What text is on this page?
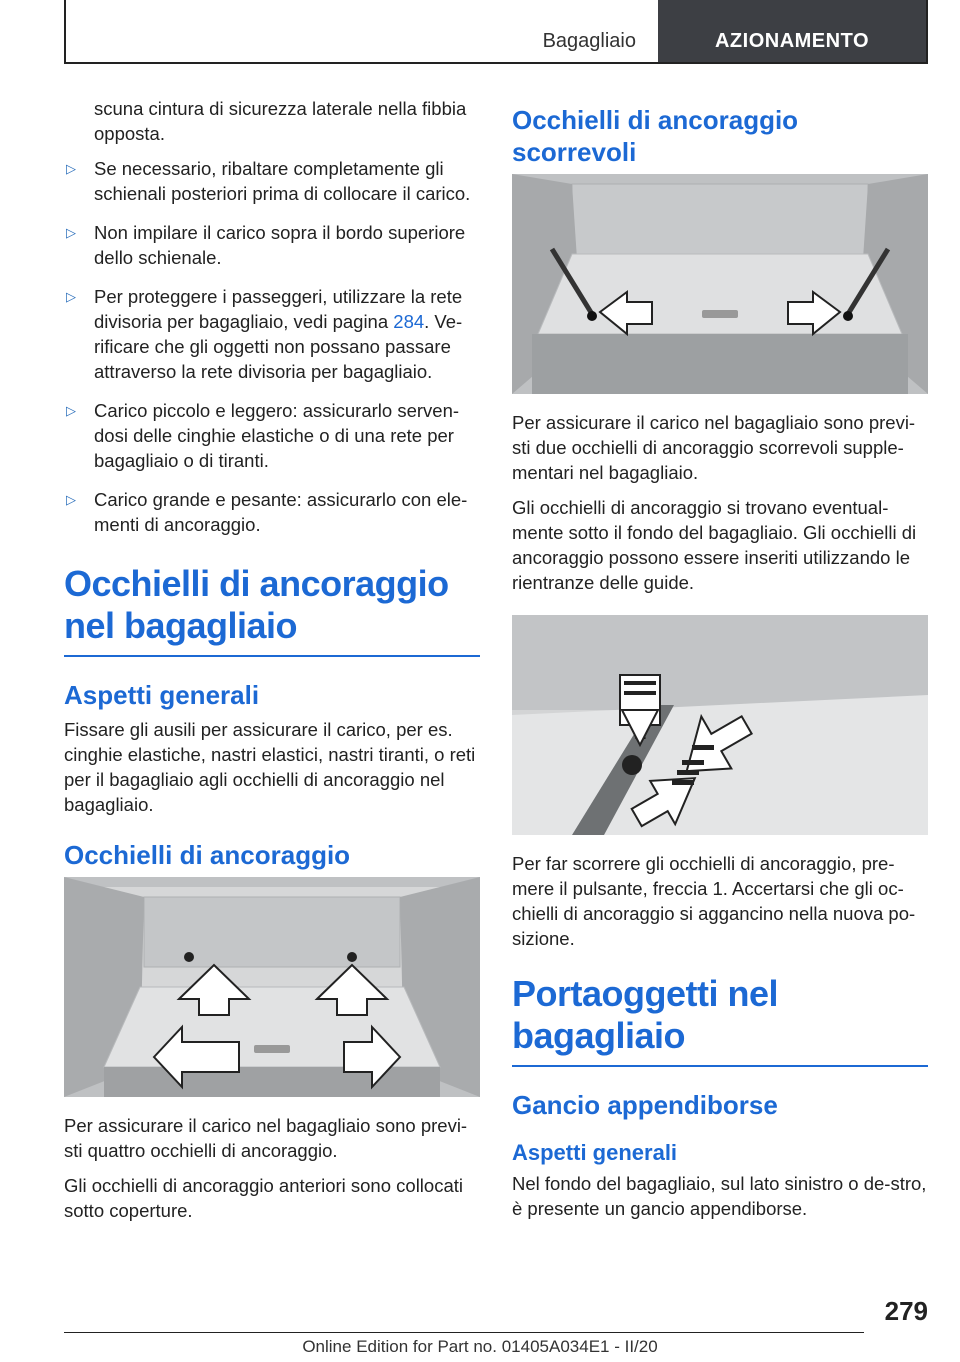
Bagagliaio	AZIONAMENTO

scuna cintura di sicurezza laterale nella fibbia opposta.

▷ Se necessario, ribaltare completamente gli schienali posteriori prima di collocare il carico.
▷ Non impilare il carico sopra il bordo superiore dello schienale.
▷ Per proteggere i passeggeri, utilizzare la rete divisoria per bagagliaio, vedi pagina 284. Ve-rificare che gli oggetti non possano passare attraverso la rete divisoria per bagagliaio.
▷ Carico piccolo e leggero: assicurarlo serven-dosi delle cinghie elastiche o di una rete per bagagliaio o di tiranti.
▷ Carico grande e pesante: assicurarlo con ele-menti di ancoraggio.
Occhielli di ancoraggio nel bagagliaio
Aspetti generali

Fissare gli ausili per assicurare il carico, per es. cinghie elastiche, nastri elastici, nastri tiranti, o reti per il bagagliaio agli occhielli di ancoraggio nel bagagliaio.

Occhielli di ancoraggio

Per assicurare il carico nel bagagliaio sono previ-sti quattro occhielli di ancoraggio.

Gli occhielli di ancoraggio anteriori sono collocati sotto coperture.

Occhielli di ancoraggio scorrevoli

Per assicurare il carico nel bagagliaio sono previ-sti due occhielli di ancoraggio scorrevoli supple-mentari nel bagagliaio.

Gli occhielli di ancoraggio si trovano eventual-mente sotto il fondo del bagagliaio. Gli occhielli di ancoraggio possono essere inseriti utilizzando le rientranze delle guide.

Per far scorrere gli occhielli di ancoraggio, pre-mere il pulsante, freccia 1. Accertarsi che gli oc-chielli di ancoraggio si aggancino nella nuova po-sizione.

Portaoggetti nel bagagliaio
Gancio appendiborse
Aspetti generali

Nel fondo del bagagliaio, sul lato sinistro o de-stro, è presente un gancio appendiborse.

279
Online Edition for Part no. 01405A034E1 - II/20
